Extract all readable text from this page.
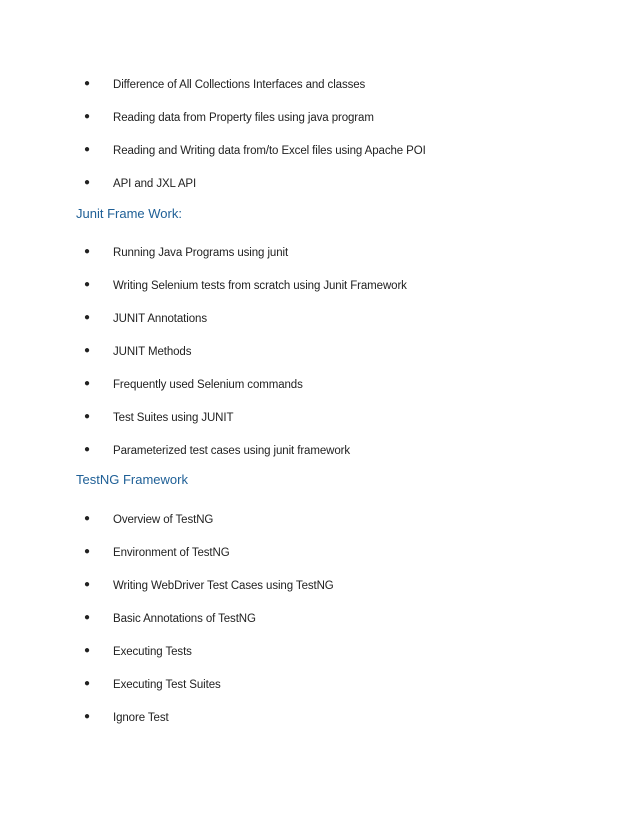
● Difference of All Collections Interfaces and classes
● Reading data from Property files using java program
● Reading and Writing data from/to Excel files using Apache POI
● API and JXL API
Junit Frame Work:
● Running Java Programs using junit
● Writing Selenium tests from scratch using Junit Framework
● JUNIT Annotations
● JUNIT Methods
● Frequently used Selenium commands
● Test Suites using JUNIT
● Parameterized test cases using junit framework
TestNG Framework
● Overview of TestNG
● Environment of TestNG
● Writing WebDriver Test Cases using TestNG
● Basic Annotations of TestNG
● Executing Tests
● Executing Test Suites
● Ignore Test
